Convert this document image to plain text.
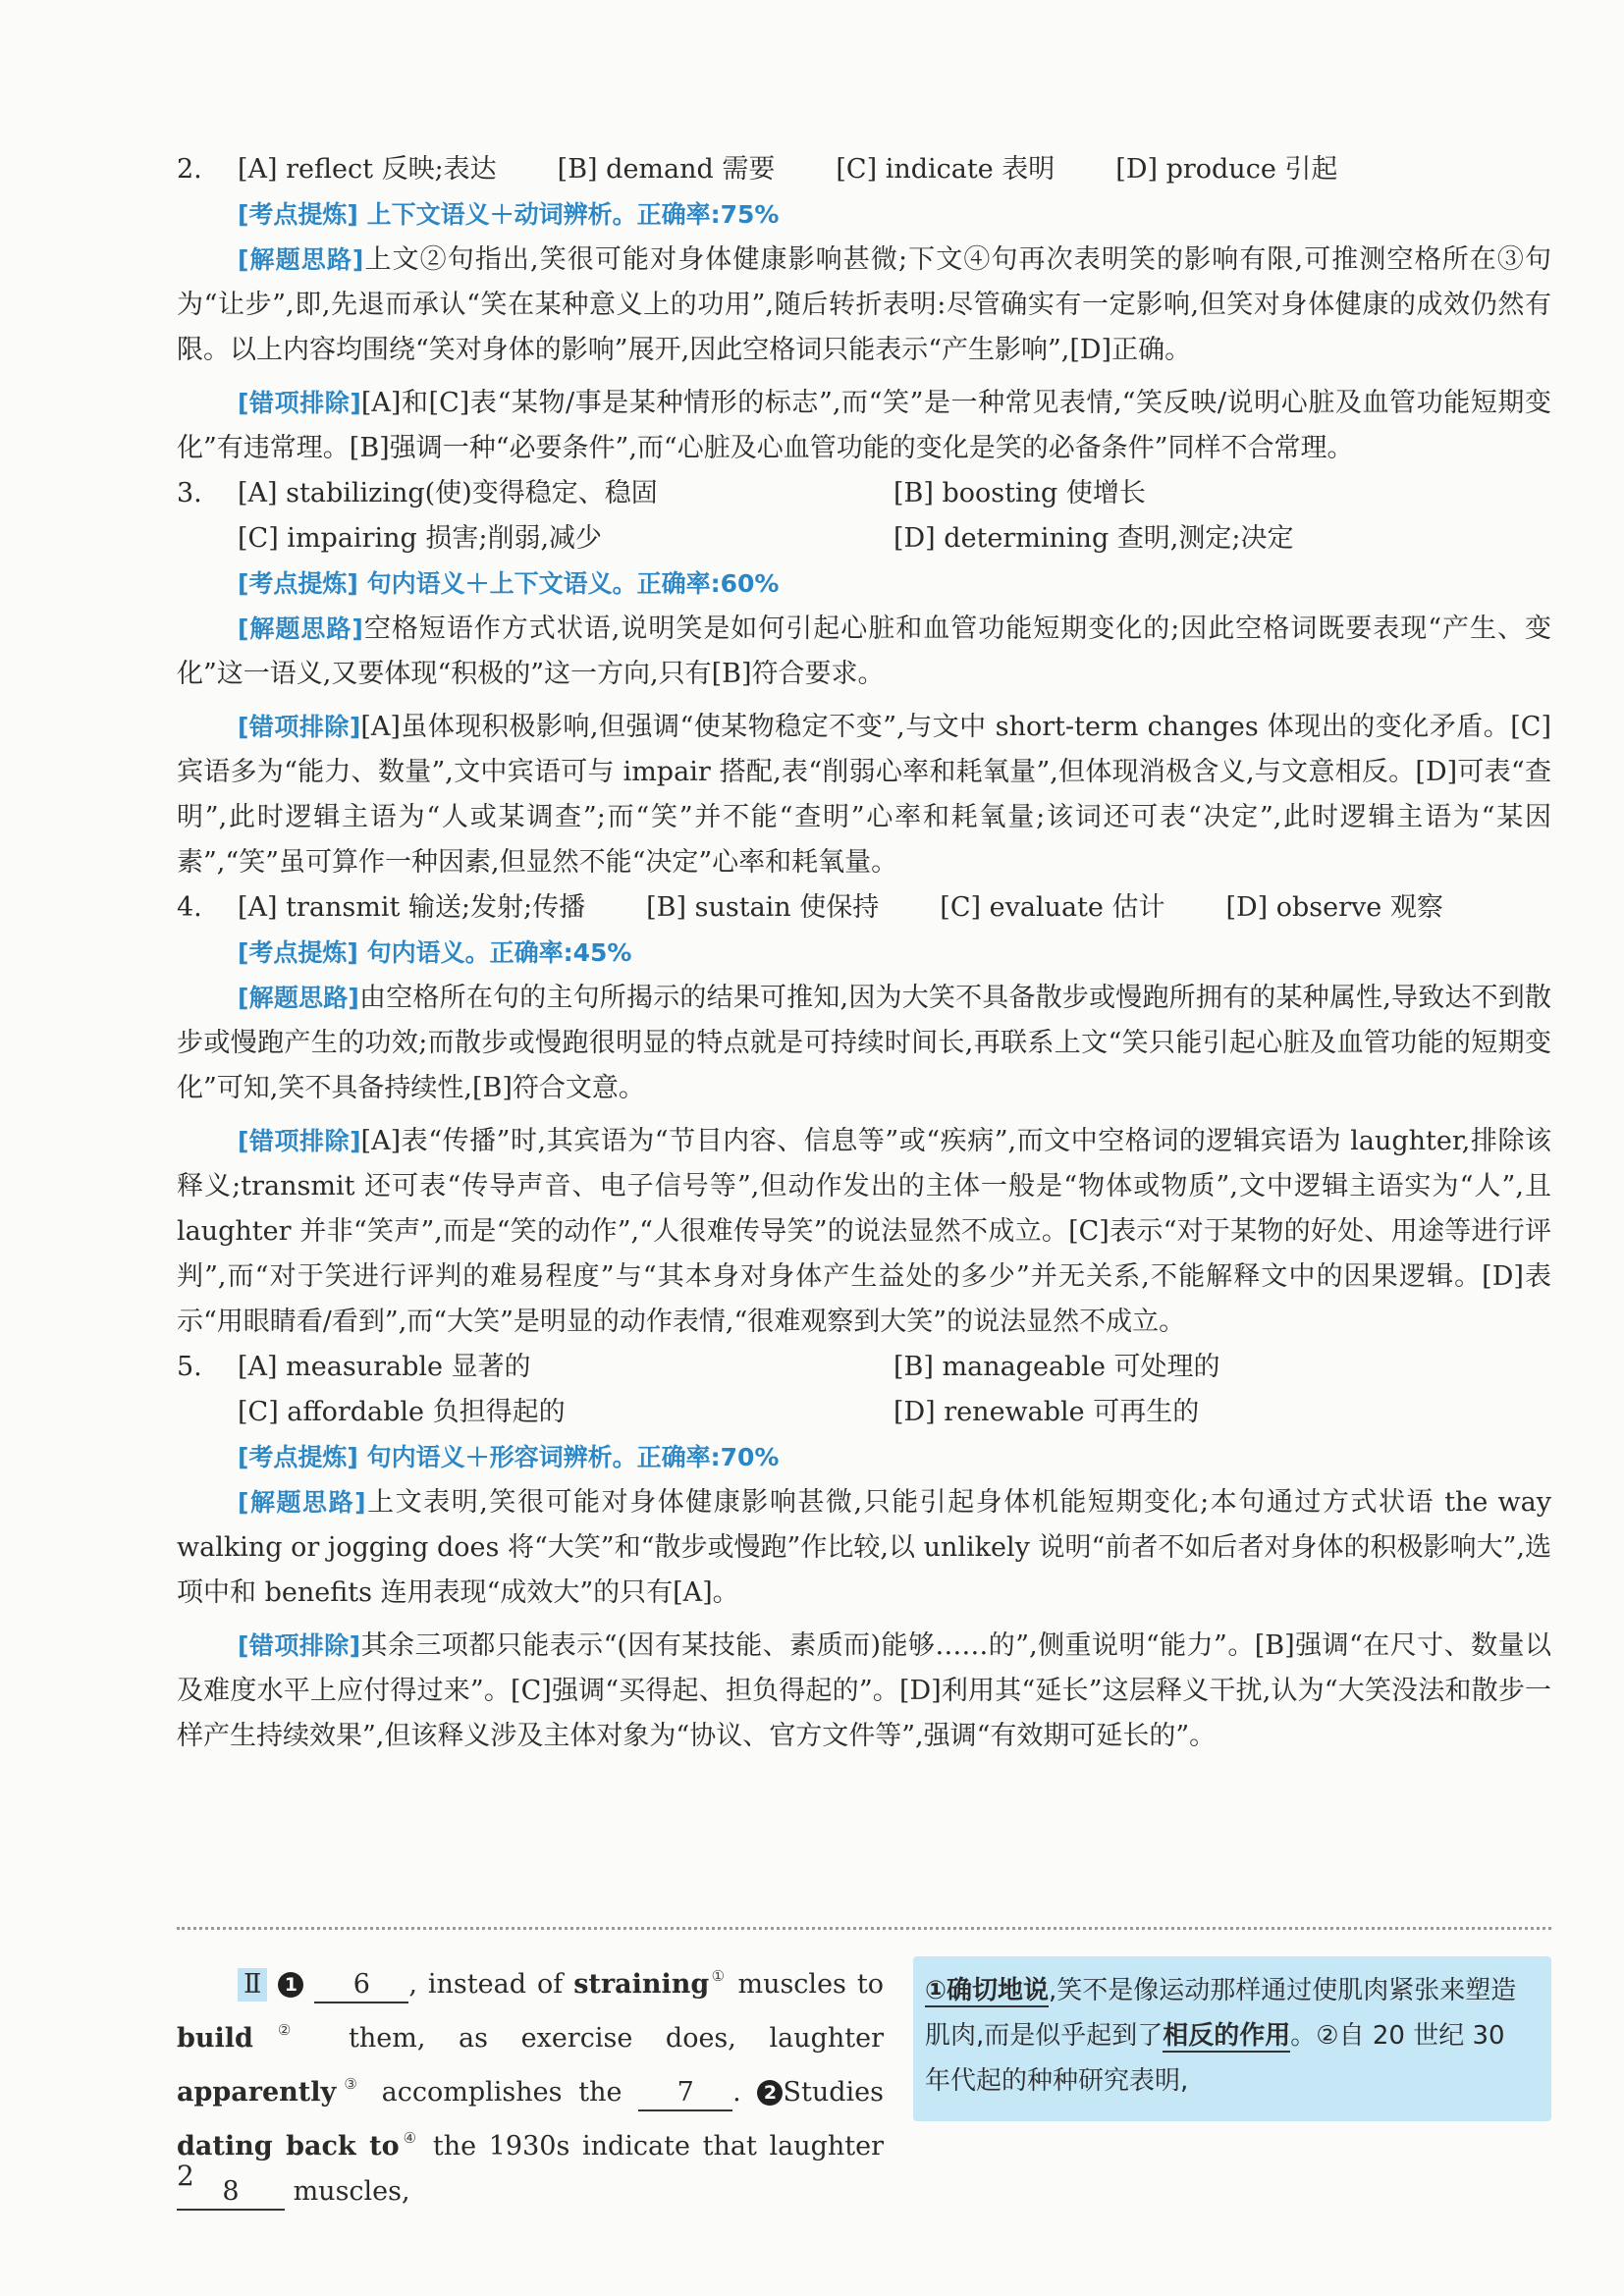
2.	[A] reflect 反映;表达 [B] demand 需要 [C] indicate 表明 [D] produce 引起
[考点提炼] 上下文语义＋动词辨析。正确率:75%

[解题思路]上文②句指出,笑很可能对身体健康影响甚微;下文④句再次表明笑的影响有限,可推测空格所在③句为“让步”,即,先退而承认“笑在某种意义上的功用”,随后转折表明:尽管确实有一定影响,但笑对身体健康的成效仍然有限。以上内容均围绕“笑对身体的影响”展开,因此空格词只能表示“产生影响”,[D]正确。

[错项排除][A]和[C]表“某物/事是某种情形的标志”,而“笑”是一种常见表情,“笑反映/说明心脏及血管功能短期变化”有违常理。[B]强调一种“必要条件”,而“心脏及心血管功能的变化是笑的必备条件”同样不合常理。

3.	[A] stabilizing(使)变得稳定、稳固	[B] boosting 使增长
[C] impairing 损害;削弱,减少	[D] determining 查明,测定;决定
[考点提炼] 句内语义＋上下文语义。正确率:60%

[解题思路]空格短语作方式状语,说明笑是如何引起心脏和血管功能短期变化的;因此空格词既要表现“产生、变化”这一语义,又要体现“积极的”这一方向,只有[B]符合要求。

[错项排除][A]虽体现积极影响,但强调“使某物稳定不变”,与文中 short-term changes 体现出的变化矛盾。[C]宾语多为“能力、数量”,文中宾语可与 impair 搭配,表“削弱心率和耗氧量”,但体现消极含义,与文意相反。[D]可表“查明”,此时逻辑主语为“人或某调查”;而“笑”并不能“查明”心率和耗氧量;该词还可表“决定”,此时逻辑主语为“某因素”,“笑”虽可算作一种因素,但显然不能“决定”心率和耗氧量。

4.	[A] transmit 输送;发射;传播 [B] sustain 使保持 [C] evaluate 估计 [D] observe 观察
[考点提炼] 句内语义。正确率:45%

[解题思路]由空格所在句的主句所揭示的结果可推知,因为大笑不具备散步或慢跑所拥有的某种属性,导致达不到散步或慢跑产生的功效;而散步或慢跑很明显的特点就是可持续时间长,再联系上文“笑只能引起心脏及血管功能的短期变化”可知,笑不具备持续性,[B]符合文意。

[错项排除][A]表“传播”时,其宾语为“节目内容、信息等”或“疾病”,而文中空格词的逻辑宾语为 laughter,排除该释义;transmit 还可表“传导声音、电子信号等”,但动作发出的主体一般是“物体或物质”,文中逻辑主语实为“人”,且 laughter 并非“笑声”,而是“笑的动作”,“人很难传导笑”的说法显然不成立。[C]表示“对于某物的好处、用途等进行评判”,而“对于笑进行评判的难易程度”与“其本身对身体产生益处的多少”并无关系,不能解释文中的因果逻辑。[D]表示“用眼睛看/看到”,而“大笑”是明显的动作表情,“很难观察到大笑”的说法显然不成立。

5.	[A] measurable 显著的	[B] manageable 可处理的
[C] affordable 负担得起的	[D] renewable 可再生的
[考点提炼] 句内语义＋形容词辨析。正确率:70%

[解题思路]上文表明,笑很可能对身体健康影响甚微,只能引起身体机能短期变化;本句通过方式状语 the way walking or jogging does 将“大笑”和“散步或慢跑”作比较,以 unlikely 说明“前者不如后者对身体的积极影响大”,选项中和 benefits 连用表现“成效大”的只有[A]。

[错项排除]其余三项都只能表示“(因有某技能、素质而)能够……的”,侧重说明“能力”。[B]强调“在尺寸、数量以及难度水平上应付得过来”。[C]强调“买得起、担负得起的”。[D]利用其“延长”这层释义干扰,认为“大笑没法和散步一样产生持续效果”,但该释义涉及主体对象为“协议、官方文件等”,强调“有效期可延长的”。

Ⅱ 1 6 , instead of straining① muscles to build② them, as exercise does, laughter apparently③ accomplishes the 7 . 2 Studies dating back to④ the 1930s indicate that laughter 8 muscles,
①确切地说,笑不是像运动那样通过使肌肉紧张来塑造肌肉,而是似乎起到了相反的作用。②自 20 世纪 30 年代起的种种研究表明,
2
